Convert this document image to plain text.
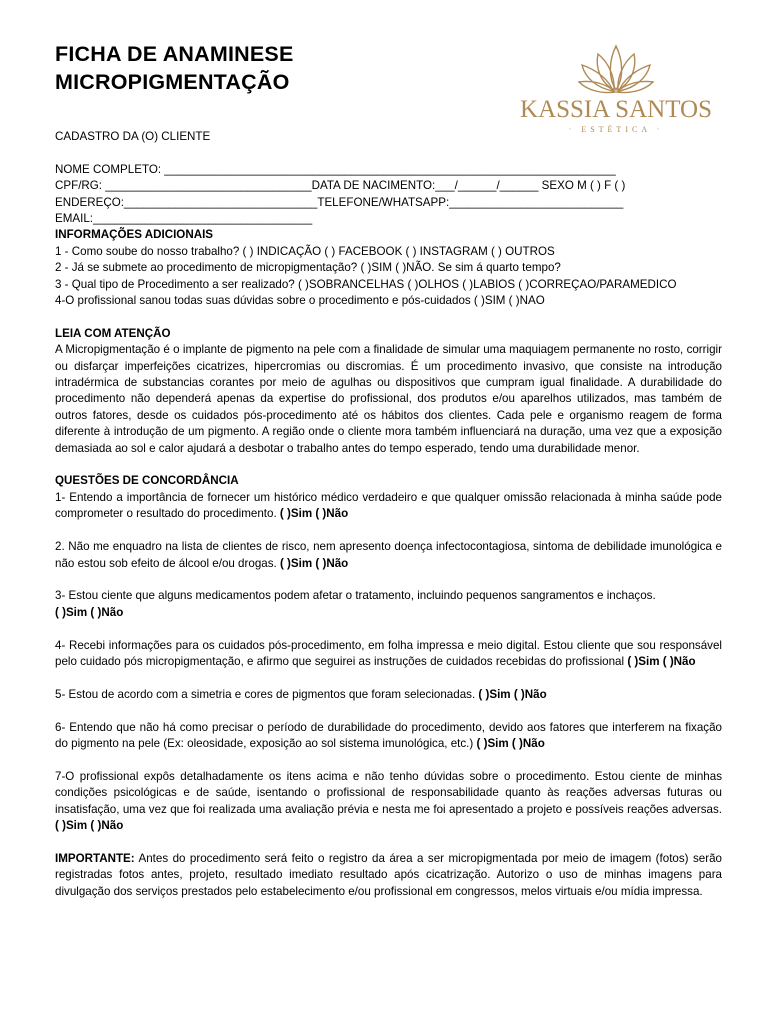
FICHA DE ANAMINESE
MICROPIGMENTAÇÃO
KASSIA SANTOS
· ESTÉTICA ·
CADASTRO DA (O) CLIENTE
NOME COMPLETO: ______________________________________________________________________
CPF/RG: ________________________________DATA DE NACIMENTO:___/______/______ SEXO M ( ) F ( )
ENDEREÇO:______________________________TELEFONE/WHATSAPP:___________________________
EMAIL:__________________________________
INFORMAÇÕES ADICIONAIS
1 - Como soube do nosso trabalho? ( ) INDICAÇÃO ( ) FACEBOOK ( ) INSTAGRAM ( ) OUTROS
2 - Já se submete ao procedimento de micropigmentação? ( )SIM ( )NÃO. Se sim á quarto tempo?
3 - Qual tipo de Procedimento a ser realizado? ( )SOBRANCELHAS ( )OLHOS ( )LABIOS ( )CORREÇAO/PARAMEDICO
4-O profissional sanou todas suas dúvidas sobre o procedimento e pós-cuidados ( )SIM ( )NAO
LEIA COM ATENÇÃO
A Micropigmentação é o implante de pigmento na pele com a finalidade de simular uma maquiagem permanente no rosto, corrigir ou disfarçar imperfeições cicatrizes, hipercromias ou discromias. É um procedimento invasivo, que consiste na introdução intradérmica de substancias corantes por meio de agulhas ou dispositivos que cumpram igual finalidade. A durabilidade do procedimento não dependerá apenas da expertise do profissional, dos produtos e/ou aparelhos utilizados, mas também de outros fatores, desde os cuidados pós-procedimento até os hábitos dos clientes. Cada pele e organismo reagem de forma diferente à introdução de um pigmento. A região onde o cliente mora também influenciará na duração, uma vez que a exposição demasiada ao sol e calor ajudará a desbotar o trabalho antes do tempo esperado, tendo uma durabilidade menor.
QUESTÕES DE CONCORDÂNCIA
1- Entendo a importância de fornecer um histórico médico verdadeiro e que qualquer omissão relacionada à minha saúde pode comprometer o resultado do procedimento. ( )Sim ( )Não
2. Não me enquadro na lista de clientes de risco, nem apresento doença infectocontagiosa, sintoma de debilidade imunológica e não estou sob efeito de álcool e/ou drogas. ( )Sim ( )Não
3- Estou ciente que alguns medicamentos podem afetar o tratamento, incluindo pequenos sangramentos e inchaços.
( )Sim ( )Não
4- Recebi informações para os cuidados pós-procedimento, em folha impressa e meio digital. Estou cliente que sou responsável pelo cuidado pós micropigmentação, e afirmo que seguirei as instruções de cuidados recebidas do profissional ( )Sim ( )Não
5- Estou de acordo com a simetria e cores de pigmentos que foram selecionadas. ( )Sim ( )Não
6- Entendo que não há como precisar o período de durabilidade do procedimento, devido aos fatores que interferem na fixação do pigmento na pele (Ex: oleosidade, exposição ao sol sistema imunológica, etc.) ( )Sim ( )Não
7-O profissional expôs detalhadamente os itens acima e não tenho dúvidas sobre o procedimento. Estou ciente de minhas condições psicológicas e de saúde, isentando o profissional de responsabilidade quanto às reações adversas futuras ou insatisfação, uma vez que foi realizada uma avaliação prévia e nesta me foi apresentado a projeto e possíveis reações adversas. ( )Sim ( )Não
IMPORTANTE: Antes do procedimento será feito o registro da área a ser micropigmentada por meio de imagem (fotos) serão registradas fotos antes, projeto, resultado imediato resultado após cicatrização. Autorizo o uso de minhas imagens para divulgação dos serviços prestados pelo estabelecimento e/ou profissional em congressos, melos virtuais e/ou mídia impressa.
